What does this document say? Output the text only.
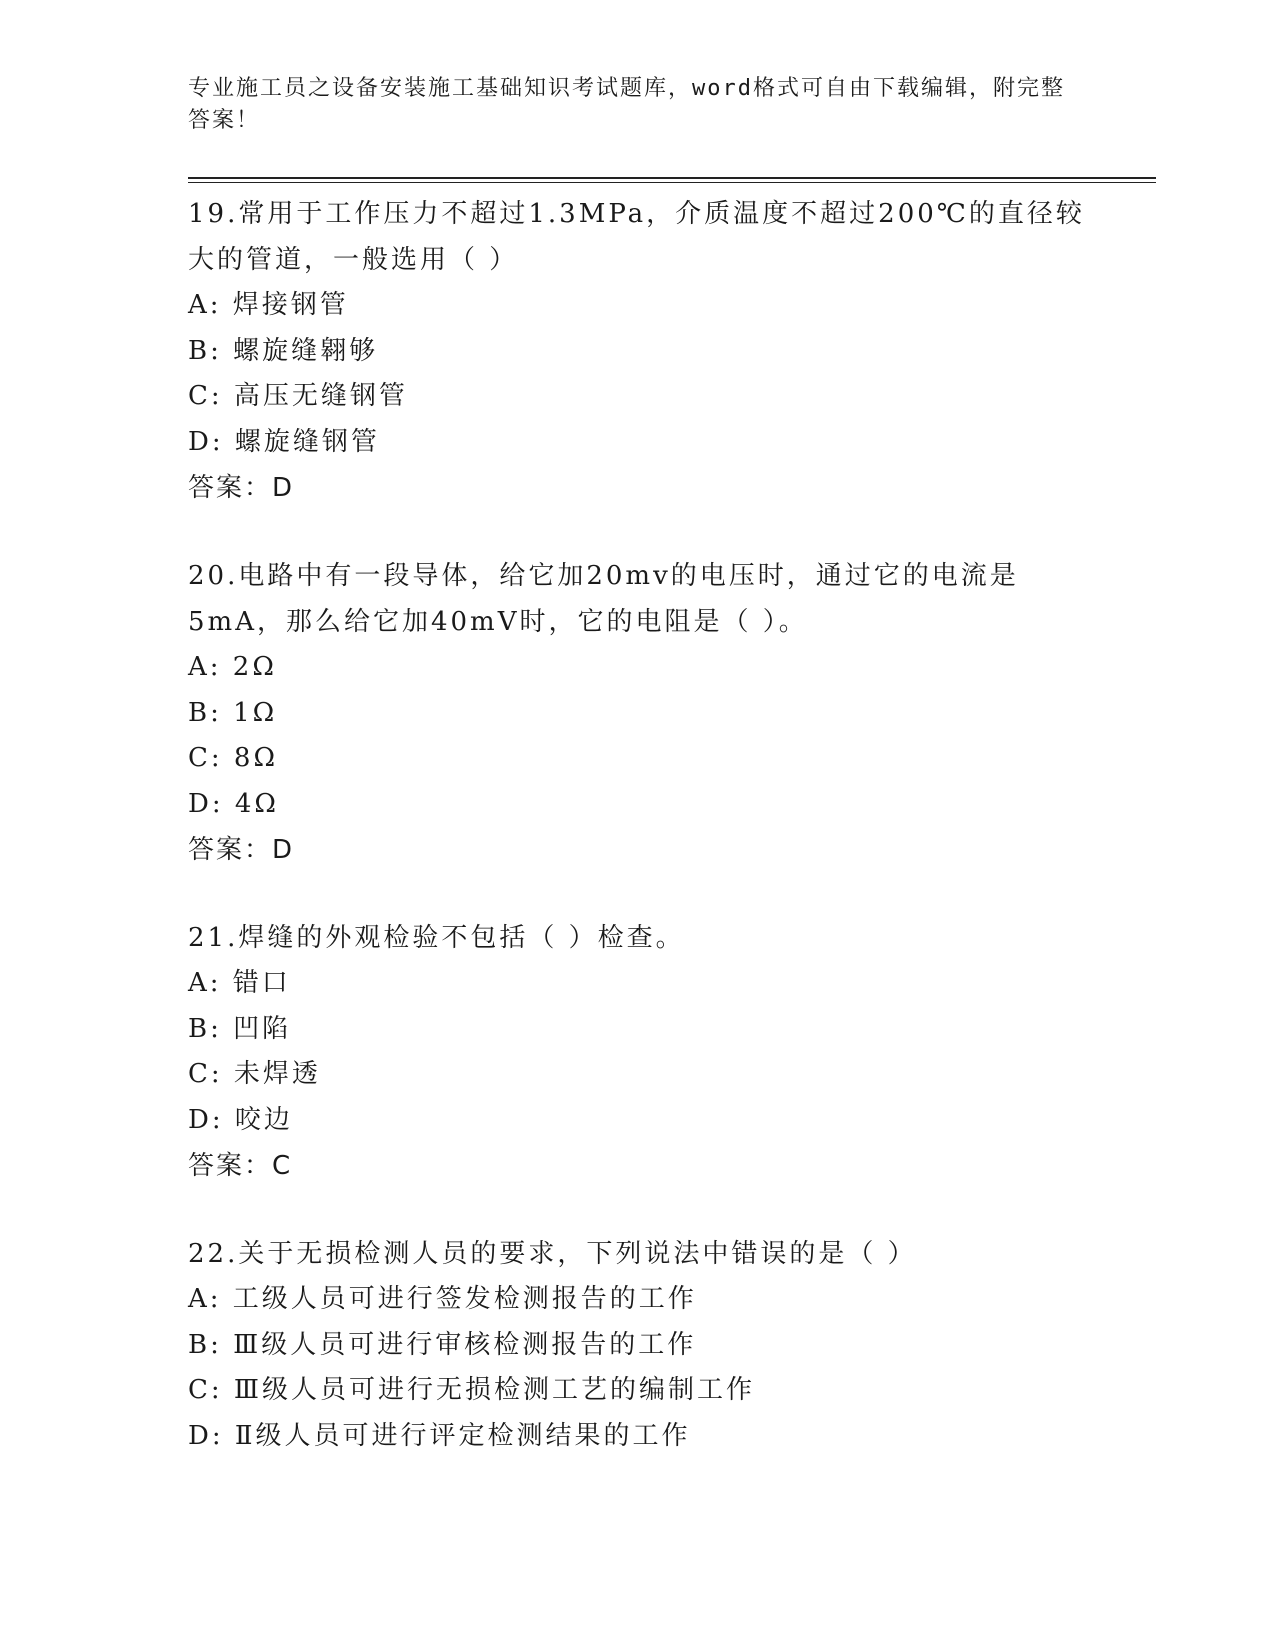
专业施工员之设备安装施工基础知识考试题库，word格式可自由下载编辑，附完整答案！

19.常用于工作压力不超过1.3MPa，介质温度不超过200℃的直径较大的管道，一般选用（ ）

A: 焊接钢管

B: 螺旋缝翱够

C: 高压无缝钢管

D: 螺旋缝钢管

答案：D

20.电路中有一段导体，给它加20mv的电压时，通过它的电流是5mA，那么给它加40mV时，它的电阻是（ ）。

A: 2Ω

B: 1Ω

C: 8Ω

D: 4Ω

答案：D

21.焊缝的外观检验不包括（ ）检查。

A: 错口

B: 凹陷

C: 未焊透

D: 咬边

答案：C

22.关于无损检测人员的要求，下列说法中错误的是（ ）

A: 工级人员可进行签发检测报告的工作

B: Ⅲ级人员可进行审核检测报告的工作

C: Ⅲ级人员可进行无损检测工艺的编制工作

D: Ⅱ级人员可进行评定检测结果的工作
